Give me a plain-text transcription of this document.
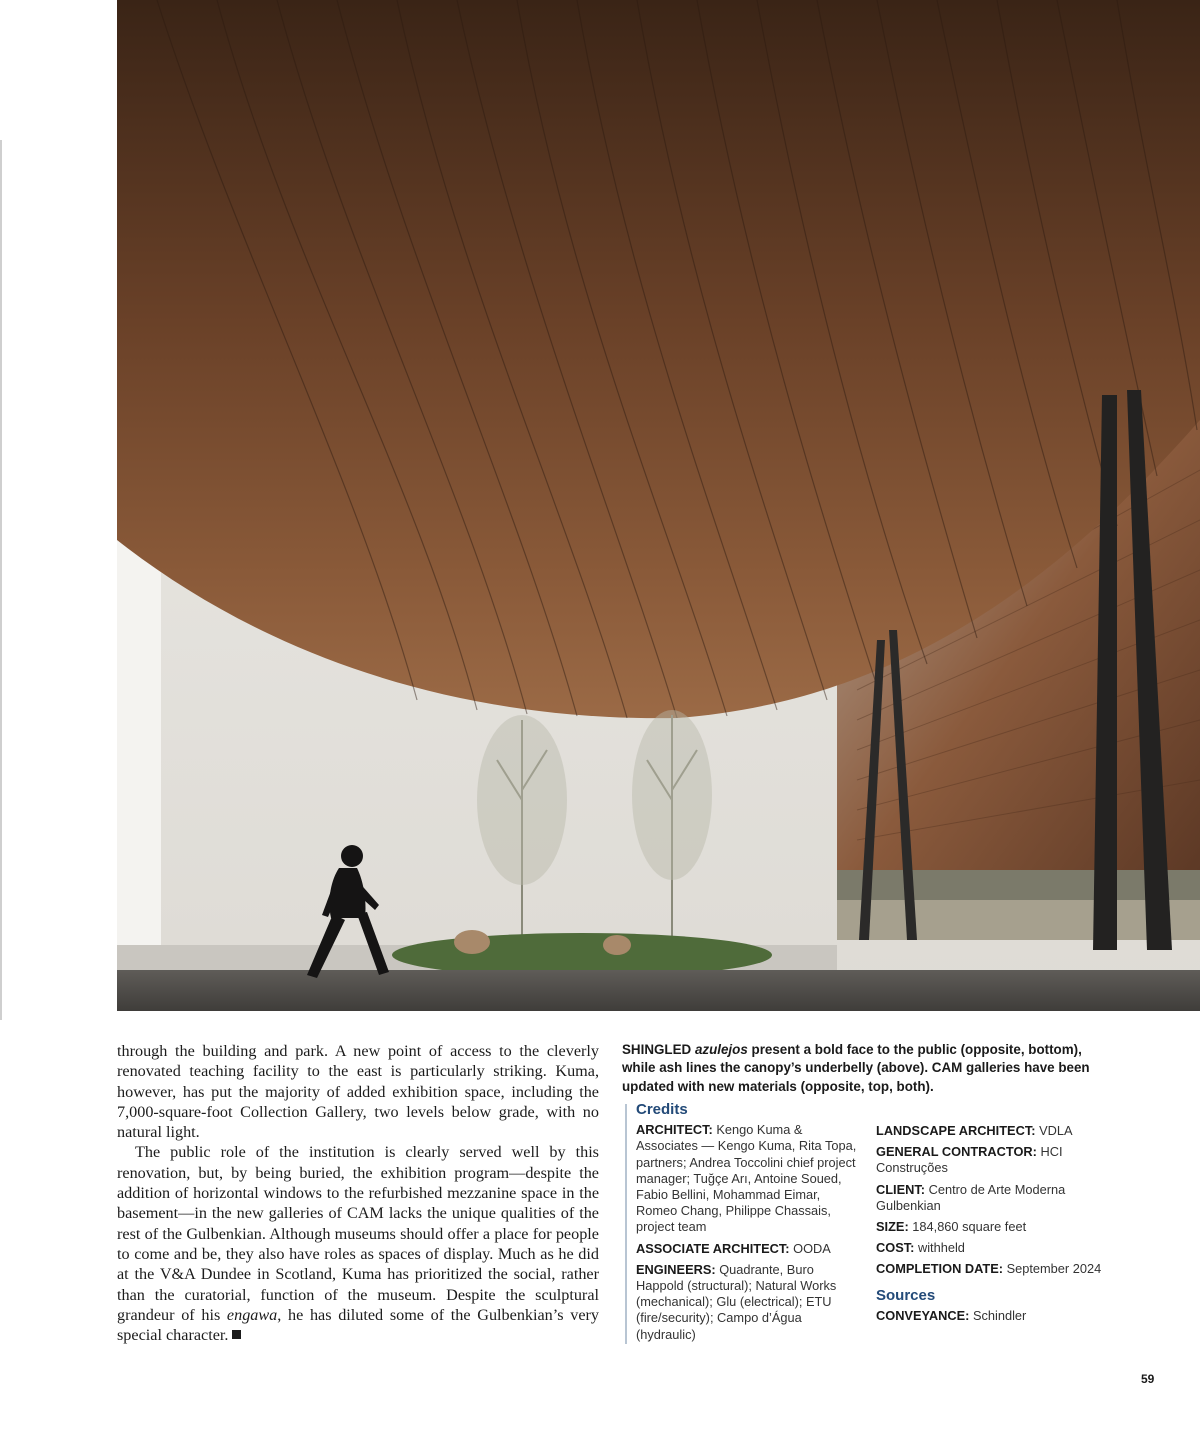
through the building and park. A new point of access to the cleverly renovated teaching facility to the east is particularly striking. Kuma, however, has put the majority of added exhibition space, including the 7,000-square-foot Collection Gallery, two levels below grade, with no natural light.

The public role of the institution is clearly served well by this renovation, but, by being buried, the exhibition program—despite the addition of horizontal windows to the refurbished mezzanine space in the basement—in the new galleries of CAM lacks the unique qualities of the rest of the Gulbenkian. Although museums should offer a place for people to come and be, they also have roles as spaces of display. Much as he did at the V&A Dundee in Scotland, Kuma has prioritized the social, rather than the curatorial, function of the museum. Despite the sculptural grandeur of his engawa, he has diluted some of the Gulbenkian’s very special character.

SHINGLED azulejos present a bold face to the public (opposite, bottom), while ash lines the canopy’s underbelly (above). CAM galleries have been updated with new materials (opposite, top, both).
Credits
ARCHITECT: Kengo Kuma & Associates — Kengo Kuma, Rita Topa, partners; Andrea Toccolini chief project manager; Tuğçe Arı, Antoine Soued, Fabio Bellini, Mohammad Eimar, Romeo Chang, Philippe Chassais, project team
ASSOCIATE ARCHITECT: OODA
ENGINEERS: Quadrante, Buro Happold (structural); Natural Works (mechanical); Glu (electrical); ETU (fire/security); Campo d’Água (hydraulic)
LANDSCAPE ARCHITECT: VDLA
GENERAL CONTRACTOR: HCI Construções
CLIENT: Centro de Arte Moderna Gulbenkian
SIZE: 184,860 square feet
COST: withheld
COMPLETION DATE: September 2024
Sources
CONVEYANCE: Schindler
59
